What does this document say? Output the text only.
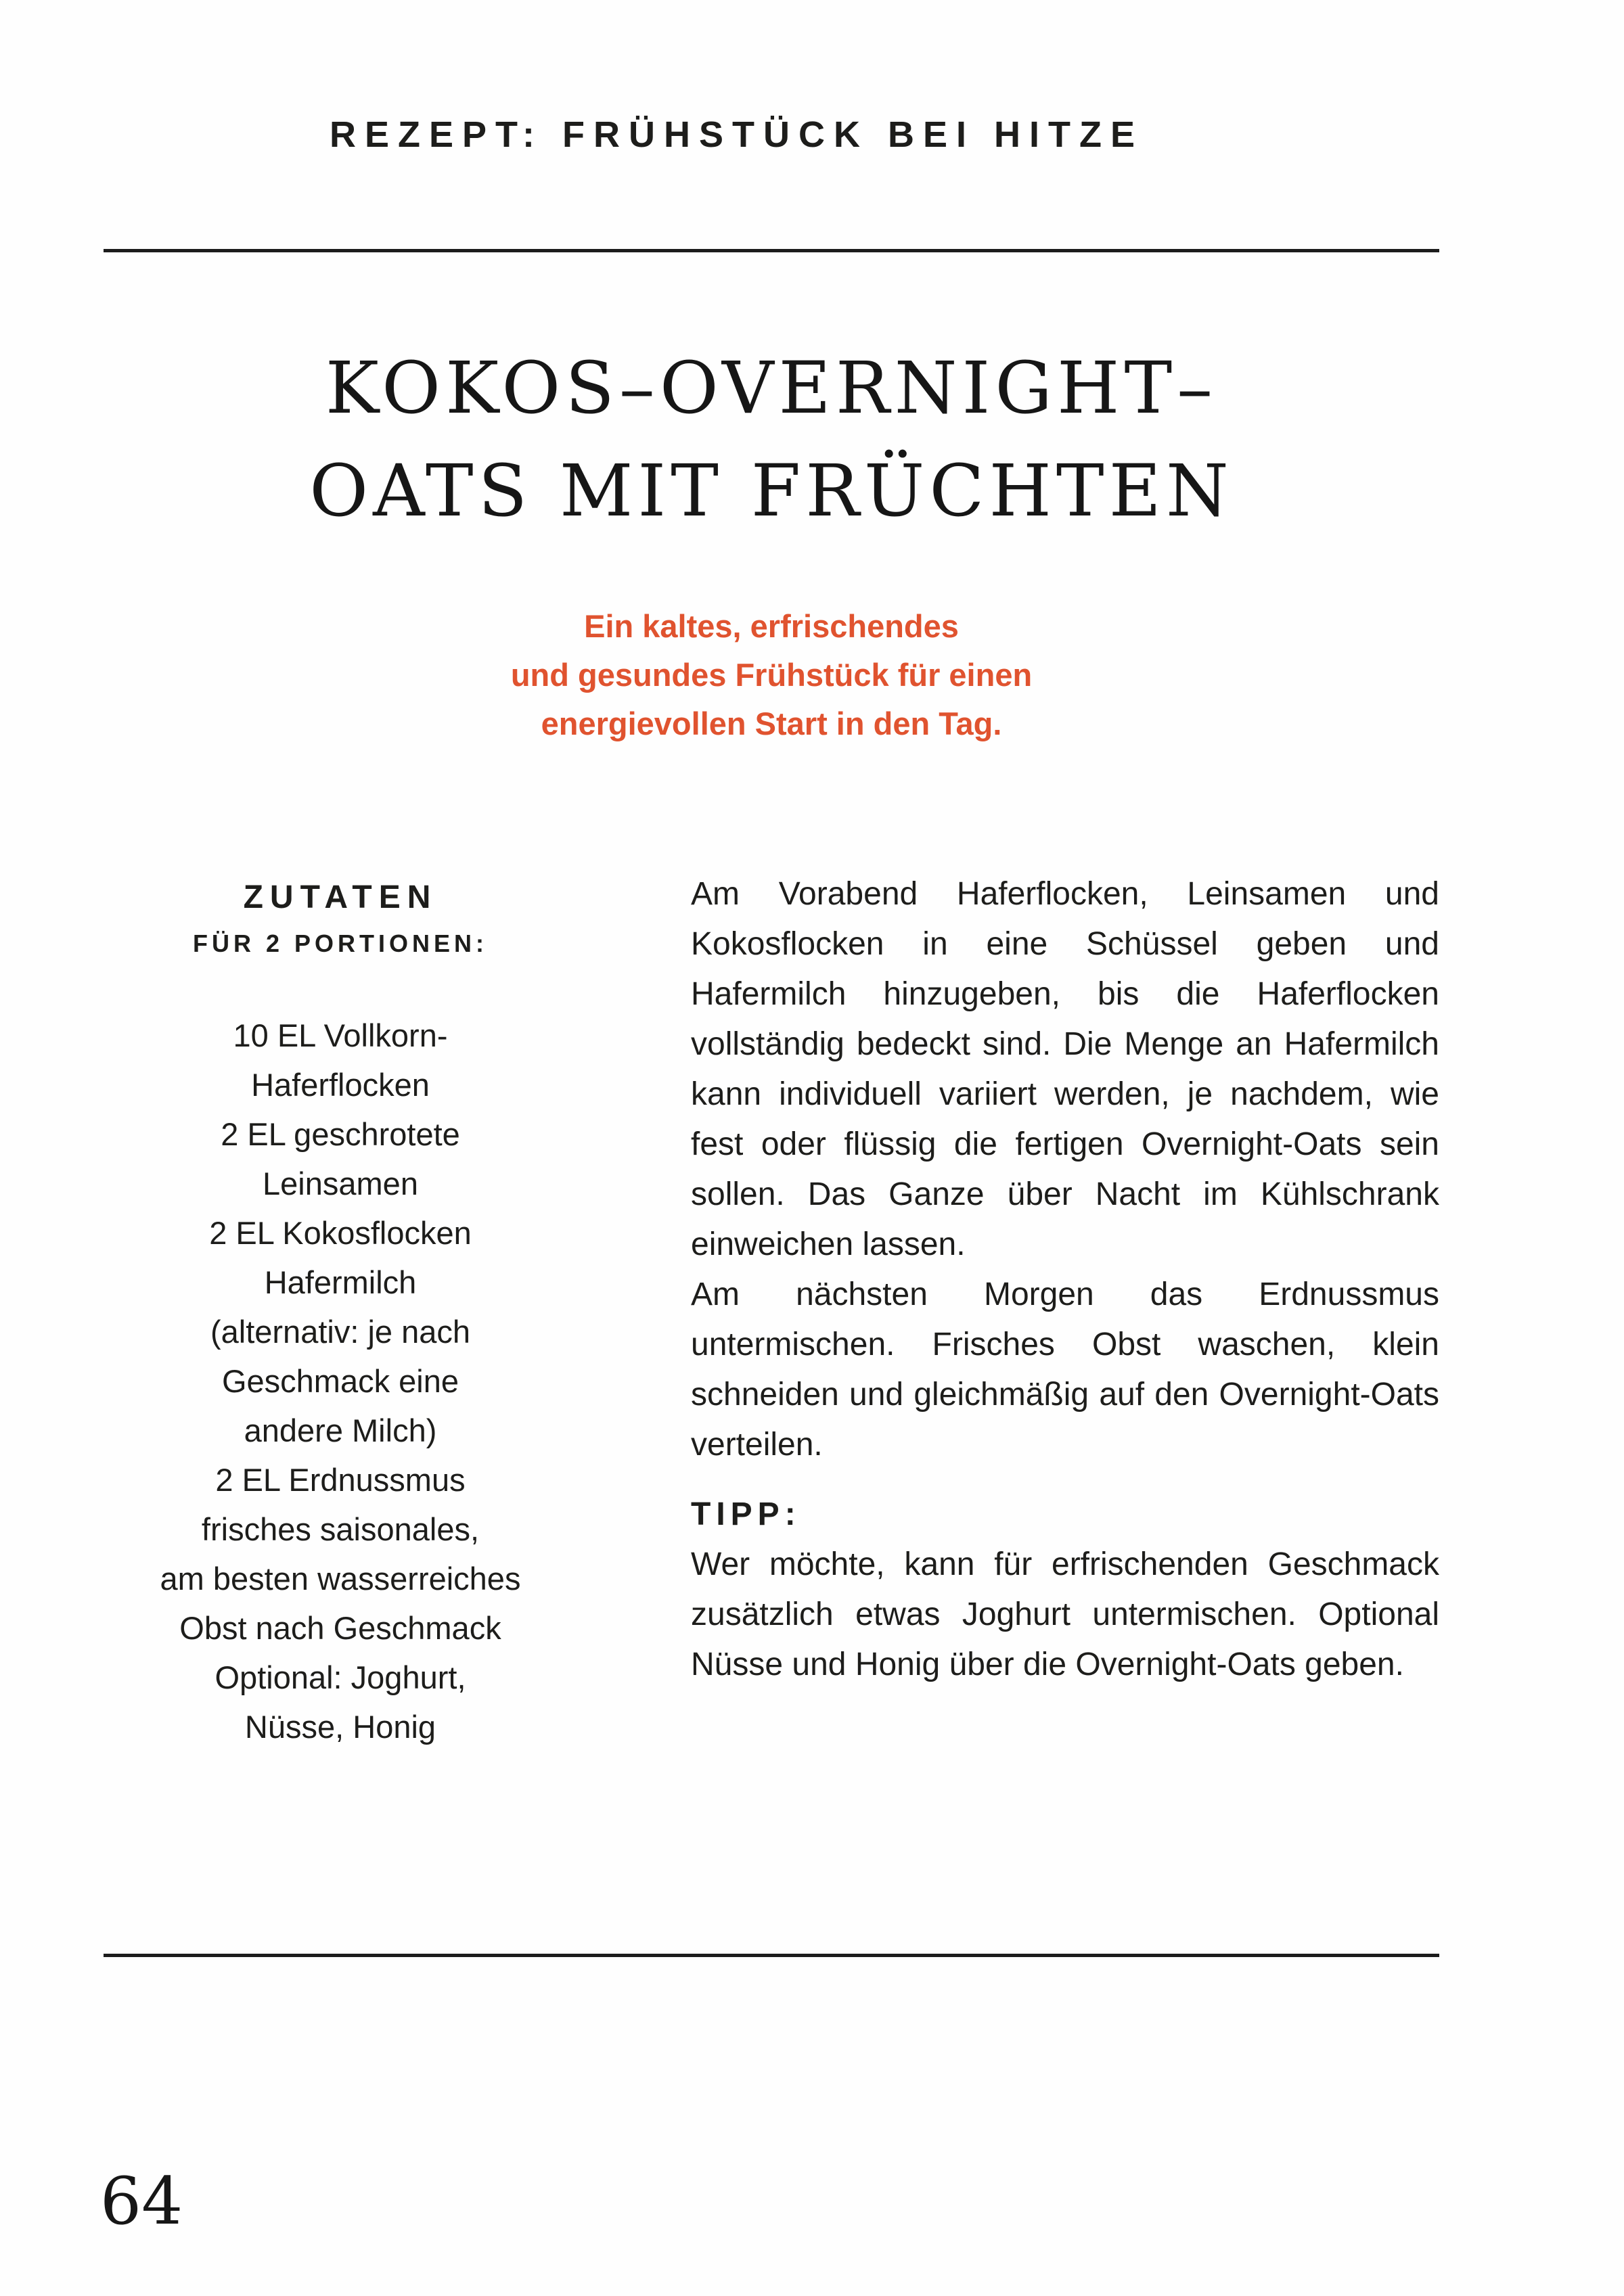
REZEPT: FRÜHSTÜCK BEI HITZE
KOKOS–OVERNIGHT–
OATS MIT FRÜCHTEN
Ein kaltes, erfrischendes
und gesundes Frühstück für einen
energievollen Start in den Tag.
ZUTATEN
FÜR 2 PORTIONEN:
10 EL Vollkorn-
Haferflocken
2 EL geschrotete
Leinsamen
2 EL Kokosflocken
Hafermilch
(alternativ: je nach
Geschmack eine
andere Milch)
2 EL Erdnussmus
frisches saisonales,
am besten wasserreiches
Obst nach Geschmack
Optional: Joghurt,
Nüsse, Honig

Am Vorabend Haferflocken, Leinsamen und Kokosflocken in eine Schüssel geben und Hafermilch hinzugeben, bis die Haferflocken vollständig bedeckt sind. Die Menge an Hafermilch kann individuell variiert werden, je nachdem, wie fest oder flüssig die fertigen Overnight-Oats sein sollen. Das Ganze über Nacht im Kühlschrank einweichen lassen.

Am nächsten Morgen das Erdnussmus untermischen. Frisches Obst waschen, klein schneiden und gleichmäßig auf den Overnight-Oats verteilen.

TIPP:

Wer möchte, kann für erfrischenden Geschmack zusätzlich etwas Joghurt untermischen. Optional Nüsse und Honig über die Overnight-Oats geben.

64
